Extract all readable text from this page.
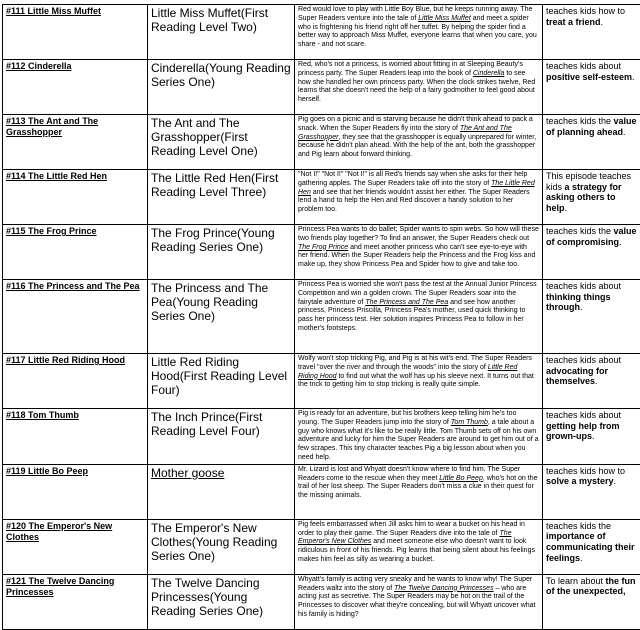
#111 Little Miss Muffet	Little Miss Muffet(First Reading Level Two)	Red would love to play with Little Boy Blue, but he keeps running away. The Super Readers venture into the tale of Little Miss Muffet and meet a spider who is frightening his friend right off her tuffet. By helping the spider find a better way to approach Miss Muffet, everyone learns that when you care, you share - and not scare.	teaches kids how to treat a friend.
#112 Cinderella	Cinderella(Young Reading Series One)	Red, who's not a princess, is worried about fitting in at Sleeping Beauty's princess party. The Super Readers leap into the book of Cinderella to see how she handled her own princess party. When the clock strikes twelve, Red learns that she doesn't need the help of a fairy godmother to feel good about herself.	teaches kids about positive self-esteem.
#113 The Ant and The Grasshopper	The Ant and The Grasshopper(First Reading Level One)	Pig goes on a picnic and is starving because he didn't think ahead to pack a snack. When the Super Readers fly into the story of The Ant and The Grasshopper, they see that the grasshopper is equally unprepared for winter, because he didn't plan ahead. With the help of the ant, both the grasshopper and Pig learn about forward thinking.	teaches kids the value of planning ahead.
#114 The Little Red Hen	The Little Red Hen(First Reading Level Three)	"Not I!" "Not I!" "Not I!" is all Red's friends say when she asks for their help gathering apples. The Super Readers take off into the story of The Little Red Hen and see that her friends wouldn't assist her either. The Super Readers lend a hand to help the Hen and Red discover a handy solution to her problem too.	This episode teaches kids a strategy for asking others to help.
#115 The Frog Prince	The Frog Prince(Young Reading Series One)	Princess Pea wants to do ballet; Spider wants to spin webs. So how will these two friends play together? To find an answer, the Super Readers check out The Frog Prince and meet another princess who can't see eye-to-eye with her friend. When the Super Readers help the Princess and the Frog kiss and make up, they show Princess Pea and Spider how to give and take too.	teaches kids the value of compromising.
#116 The Princess and The Pea	The Princess and The Pea(Young Reading Series One)	Princess Pea is worried she won't pass the test at the Annual Junior Princess Competition and win a golden crown. The Super Readers soar into the fairytale adventure of The Princess and The Pea and see how another princess, Princess Priscilla, Princess Pea's mother, used quick thinking to pass her princess test. Her solution inspires Princess Pea to follow in her mother's footsteps.	teaches kids about thinking things through.
#117 Little Red Riding Hood	Little Red Riding Hood(First Reading Level Four)	Wolfy won't stop tricking Pig, and Pig is at his wit's end. The Super Readers travel "over the river and through the woods" into the story of Little Red Riding Hood to find out what the wolf has up his sleeve next. It turns out that the trick to getting him to stop tricking is really quite simple.	teaches kids about advocating for themselves.
#118 Tom Thumb	The Inch Prince(First Reading Level Four)	Pig is ready for an adventure, but his brothers keep telling him he's too young. The Super Readers jump into the story of Tom Thumb, a tale about a guy who knows what it's like to be really little. Tom Thumb sets off on his own adventure and lucky for him the Super Readers are around to get him out of a few scrapes. This tiny character teaches Pig a big lesson about when you need help.	teaches kids about getting help from grown-ups.
#119 Little Bo Peep	Mother goose	Mr. Lizard is lost and Whyatt doesn't know where to find him. The Super Readers come to the rescue when they meet Little Bo Peep, who's hot on the trail of her lost sheep. The Super Readers don't miss a clue in their quest for the missing animals.	teaches kids how to solve a mystery.
#120 The Emperor's New Clothes	The Emperor's New Clothes(Young Reading Series One)	Pig feels embarrassed when Jill asks him to wear a bucket on his head in order to play their game. The Super Readers dive into the tale of The Emperor's New Clothes and meet someone else who doesn't want to look ridiculous in front of his friends. Pig learns that being silent about his feelings makes him feel as silly as wearing a bucket.	teaches kids the importance of communicating their feelings.
#121 The Twelve Dancing Princesses	The Twelve Dancing Princesses(Young Reading Series One)	Whyatt's family is acting very sneaky and he wants to know why! The Super Readers waltz into the story of The Twelve Dancing Princesses – who are acting just as secretive. The Super Readers may be hot on the trail of the Princesses to discover what they're concealing, but will Whyatt uncover what his family is hiding?	To learn about the fun of the unexpected,
